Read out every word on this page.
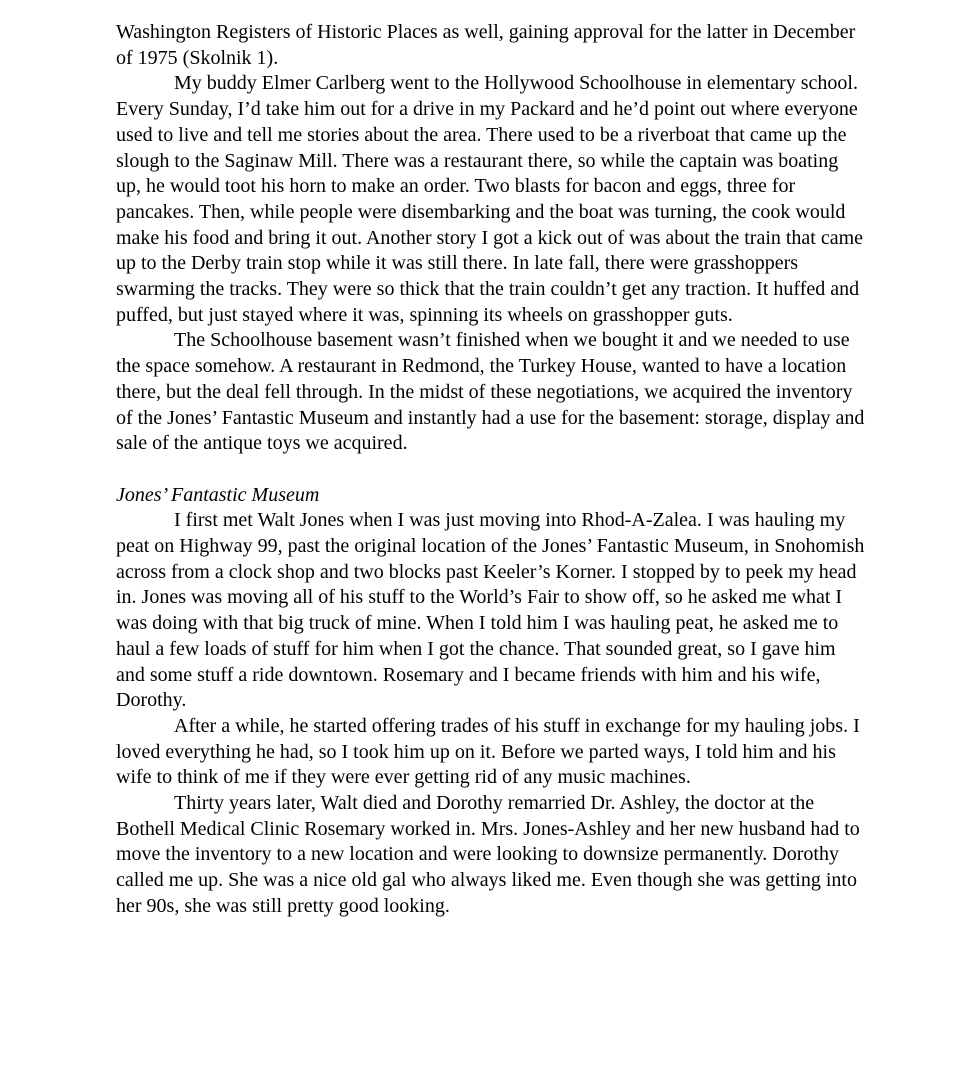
Washington Registers of Historic Places as well, gaining approval for the latter in December of 1975 (Skolnik 1).

My buddy Elmer Carlberg went to the Hollywood Schoolhouse in elementary school. Every Sunday, I’d take him out for a drive in my Packard and he’d point out where everyone used to live and tell me stories about the area. There used to be a riverboat that came up the slough to the Saginaw Mill. There was a restaurant there, so while the captain was boating up, he would toot his horn to make an order. Two blasts for bacon and eggs, three for pancakes. Then, while people were disembarking and the boat was turning, the cook would make his food and bring it out. Another story I got a kick out of was about the train that came up to the Derby train stop while it was still there. In late fall, there were grasshoppers swarming the tracks. They were so thick that the train couldn’t get any traction. It huffed and puffed, but just stayed where it was, spinning its wheels on grasshopper guts.

The Schoolhouse basement wasn’t finished when we bought it and we needed to use the space somehow. A restaurant in Redmond, the Turkey House, wanted to have a location there, but the deal fell through. In the midst of these negotiations, we acquired the inventory of the Jones’ Fantastic Museum and instantly had a use for the basement: storage, display and sale of the antique toys we acquired.

Jones’ Fantastic Museum

I first met Walt Jones when I was just moving into Rhod-A-Zalea. I was hauling my peat on Highway 99, past the original location of the Jones’ Fantastic Museum, in Snohomish across from a clock shop and two blocks past Keeler’s Korner. I stopped by to peek my head in. Jones was moving all of his stuff to the World’s Fair to show off, so he asked me what I was doing with that big truck of mine. When I told him I was hauling peat, he asked me to haul a few loads of stuff for him when I got the chance. That sounded great, so I gave him and some stuff a ride downtown. Rosemary and I became friends with him and his wife, Dorothy.

After a while, he started offering trades of his stuff in exchange for my hauling jobs. I loved everything he had, so I took him up on it. Before we parted ways, I told him and his wife to think of me if they were ever getting rid of any music machines.

Thirty years later, Walt died and Dorothy remarried Dr. Ashley, the doctor at the Bothell Medical Clinic Rosemary worked in. Mrs. Jones-Ashley and her new husband had to move the inventory to a new location and were looking to downsize permanently. Dorothy called me up. She was a nice old gal who always liked me. Even though she was getting into her 90s, she was still pretty good looking.
